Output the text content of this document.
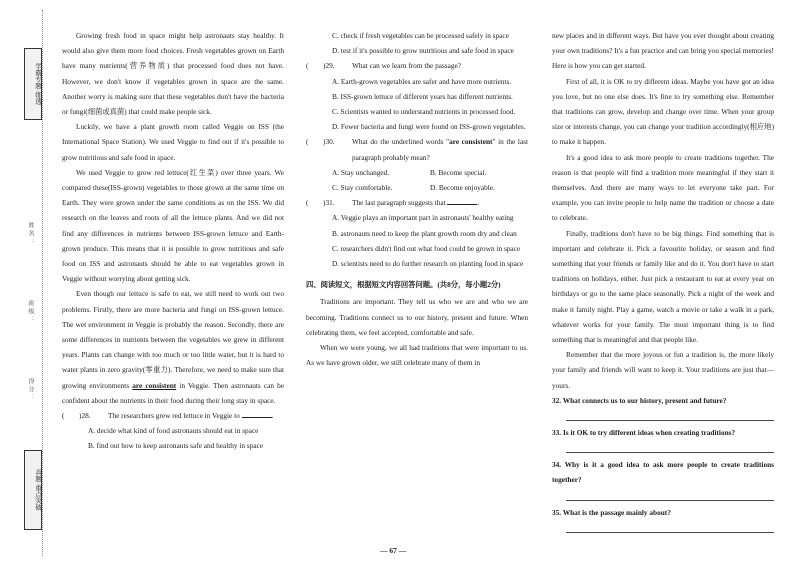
学霸专题·练透
姓名：
班级：
得分：
真题·重点突破

Growing fresh food in space might help astronauts stay healthy. It would also give them more food choices. Fresh vegetables grown on Earth have many nutrients(营养物质) that processed food does not have. However, we don't know if vegetables grown in space are the same. Another worry is making sure that these vegetables don't have the bacteria or fungi(细菌或真菌) that could make people sick.

Luckily, we have a plant growth room called Veggie on ISS (the International Space Station). We used Veggie to find out if it's possible to grow nutritious and safe food in space.

We used Veggie to grow red lettuce(红生菜) over three years. We compared these(ISS-grown) vegetables to those grown at the same time on Earth. They were grown under the same conditions as on the ISS. We did research on the leaves and roots of all the lettuce plants. And we did not find any differences in nutrients between ISS-grown lettuce and Earth-grown produce. This means that it is possible to grow nutritious and safe food on ISS and astronauts should be able to eat vegetables grown in Veggie without worrying about getting sick.

Even though our lettuce is safe to eat, we still need to work out two problems. Firstly, there are more bacteria and fungi on ISS-grown lettuce. The wet environment in Veggie is probably the reason. Secondly, there are some differences in nutrients between the vegetables we grew in different years. Plants can change with too much or too little water, but it is hard to water plants in zero gravity(零重力). Therefore, we need to make sure that growing environments are consistent in Veggie. Then astronauts can be confident about the nutrients in their food during their long stay in space.

(　　)28.	The researchers grew red lettuce in Veggie to	.
A. decide what kind of food astronauts should eat in space
B. find out how to keep astronauts safe and healthy in space
C. check if fresh vegetables can be processed safely in space
D. test if it's possible to grow nutritious and safe food in space
(　　)29.	What can we learn from the passage?
A. Earth-grown vegetables are safer and have more nutrients.
B. ISS-grown lettuce of different years has different nutrients.
C. Scientists wanted to understand nutrients in processed food.
D. Fewer bacteria and fungi were found on ISS-grown vegetables.
(　　)30.	What do the underlined words "are consistent" in the last paragraph probably mean?
A. Stay unchanged.	B. Become special.
C. Stay comfortable.	D. Become enjoyable.
(　　)31.	The last paragraph suggests that	.
A. Veggie plays an important part in astronauts' healthy eating
B. astronauts need to keep the plant growth room dry and clean
C. researchers didn't find out what food could be grown in space
D. scientists need to do further research on planting food in space
四、阅读短文，根据短文内容回答问题。(共8分，每小题2分)

Traditions are important. They tell us who we are and who we are becoming. Traditions connect us to our history, present and future. When celebrating them, we feel accepted, comfortable and safe.

When we were young, we all had traditions that were important to us. As we have grown older, we still celebrate many of them in

new places and in different ways. But have you ever thought about creating your own traditions? It's a fun practice and can bring you special memories! Here is how you can get started.

First of all, it is OK to try different ideas. Maybe you have got an idea you love, but no one else does. It's fine to try something else. Remember that traditions can grow, develop and change over time. When your group size or interests change, you can change your tradition accordingly(相应地) to make it happen.

It's a good idea to ask more people to create traditions together. The reason is that people will find a tradition more meaningful if they start it themselves. And there are many ways to let everyone take part. For example, you can invite people to help name the tradition or choose a date to celebrate.

Finally, traditions don't have to be big things. Find something that is important and celebrate it. Pick a favourite holiday, or season and find something that your friends or family like and do it. You don't have to start traditions on holidays, either. Just pick a restaurant to eat at every year on birthdays or go to the same place seasonally. Pick a night of the week and make it family night. Play a game, watch a movie or take a walk in a park, whatever works for your family. The most important thing is to find something that is meaningful and that people like.

Remember that the more joyous or fun a tradition is, the more likely your family and friends will want to keep it. Your traditions are just that—yours.

32. What connects us to our history, present and future?
33. Is it OK to try different ideas when creating traditions?
34. Why is it a good idea to ask more people to create traditions together?
35. What is the passage mainly about?
— 67 —
